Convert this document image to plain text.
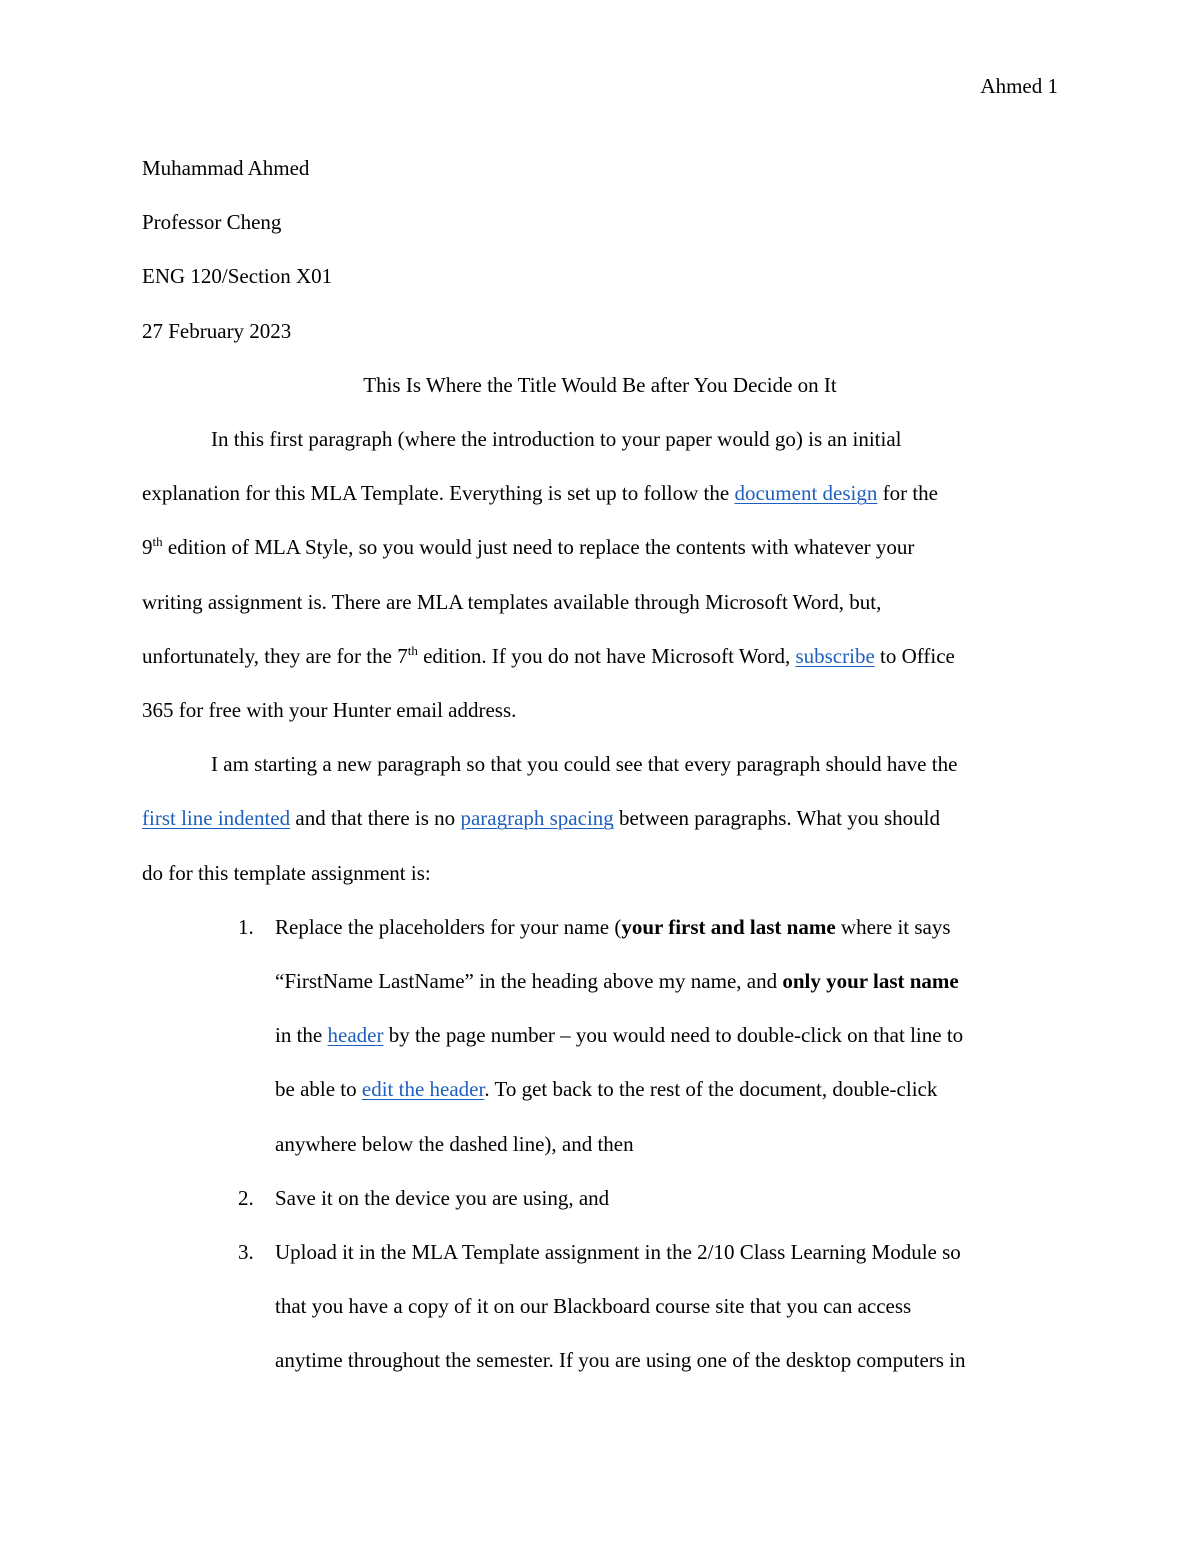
Ahmed 1
Muhammad Ahmed
Professor Cheng
ENG 120/Section X01
27 February 2023
This Is Where the Title Would Be after You Decide on It
In this first paragraph (where the introduction to your paper would go) is an initial
explanation for this MLA Template. Everything is set up to follow the document design for the
9th edition of MLA Style, so you would just need to replace the contents with whatever your
writing assignment is. There are MLA templates available through Microsoft Word, but,
unfortunately, they are for the 7th edition. If you do not have Microsoft Word, subscribe to Office
365 for free with your Hunter email address.
I am starting a new paragraph so that you could see that every paragraph should have the
first line indented and that there is no paragraph spacing between paragraphs. What you should
do for this template assignment is:
1. Replace the placeholders for your name (your first and last name where it says
“FirstName LastName” in the heading above my name, and only your last name
in the header by the page number – you would need to double-click on that line to
be able to edit the header. To get back to the rest of the document, double-click
anywhere below the dashed line), and then
2. Save it on the device you are using, and
3. Upload it in the MLA Template assignment in the 2/10 Class Learning Module so
that you have a copy of it on our Blackboard course site that you can access
anytime throughout the semester. If you are using one of the desktop computers in
